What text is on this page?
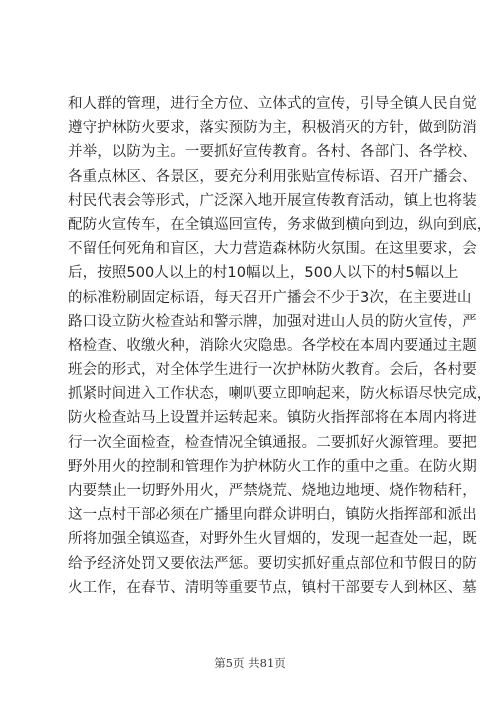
和人群的管理，进行全方位、立体式的宣传，引导全镇人民自觉
遵守护林防火要求，落实预防为主，积极消灭的方针，做到防消
并举，以防为主。一要抓好宣传教育。各村、各部门、各学校、
各重点林区、各景区，要充分利用张贴宣传标语、召开广播会、
村民代表会等形式，广泛深入地开展宣传教育活动，镇上也将装
配防火宣传车，在全镇巡回宣传，务求做到横向到边，纵向到底，
不留任何死角和盲区，大力营造森林防火氛围。在这里要求，会
后，按照500人以上的村10幅以上，500人以下的村5幅以上
的标准粉刷固定标语，每天召开广播会不少于3次，在主要进山
路口设立防火检查站和警示牌，加强对进山人员的防火宣传，严
格检查、收缴火种，消除火灾隐患。各学校在本周内要通过主题
班会的形式，对全体学生进行一次护林防火教育。会后，各村要
抓紧时间进入工作状态，喇叭要立即响起来，防火标语尽快完成，
防火检查站马上设置并运转起来。镇防火指挥部将在本周内将进
行一次全面检查，检查情况全镇通报。二要抓好火源管理。要把
野外用火的控制和管理作为护林防火工作的重中之重。在防火期
内要禁止一切野外用火，严禁烧荒、烧地边地埂、烧作物秸秆，
这一点村干部必须在广播里向群众讲明白，镇防火指挥部和派出
所将加强全镇巡查，对野外生火冒烟的，发现一起查处一起，既
给予经济处罚又要依法严惩。要切实抓好重点部位和节假日的防
火工作，在春节、清明等重要节点，镇村干部要专人到林区、墓
第5页 共81页
